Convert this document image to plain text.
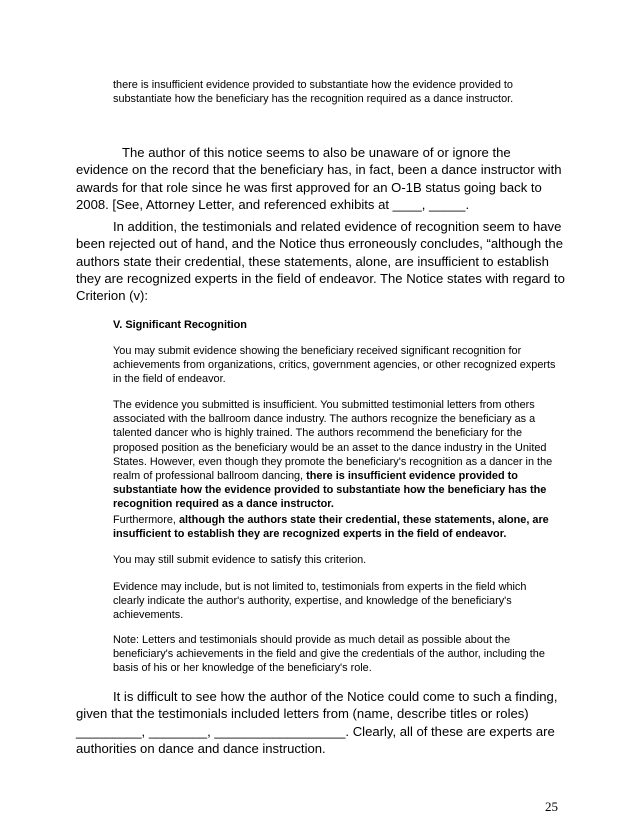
there is insufficient evidence provided to substantiate how the evidence provided to substantiate how the beneficiary has the recognition required as a dance instructor.

The author of this notice seems to also be unaware of or ignore the evidence on the record that the beneficiary has, in fact, been a dance instructor with awards for that role since he was first approved for an O-1B status going back to 2008. [See, Attorney Letter, and referenced exhibits at ____, _____.

In addition, the testimonials and related evidence of recognition seem to have been rejected out of hand, and the Notice thus erroneously concludes, “although the authors state their credential, these statements, alone, are insufficient to establish they are recognized experts in the field of endeavor. The Notice states with regard to Criterion (v):

V. Significant Recognition

You may submit evidence showing the beneficiary received significant recognition for achievements from organizations, critics, government agencies, or other recognized experts in the field of endeavor.

The evidence you submitted is insufficient. You submitted testimonial letters from others associated with the ballroom dance industry. The authors recognize the beneficiary as a talented dancer who is highly trained. The authors recommend the beneficiary for the proposed position as the beneficiary would be an asset to the dance industry in the United States. However, even though they promote the beneficiary's recognition as a dancer in the realm of professional ballroom dancing, there is insufficient evidence provided to substantiate how the evidence provided to substantiate how the beneficiary has the recognition required as a dance instructor.

Furthermore, although the authors state their credential, these statements, alone, are insufficient to establish they are recognized experts in the field of endeavor.

You may still submit evidence to satisfy this criterion.

Evidence may include, but is not limited to, testimonials from experts in the field which clearly indicate the author's authority, expertise, and knowledge of the beneficiary's achievements.

Note: Letters and testimonials should provide as much detail as possible about the beneficiary's achievements in the field and give the credentials of the author, including the basis of his or her knowledge of the beneficiary's role.

It is difficult to see how the author of the Notice could come to such a finding, given that the testimonials included letters from (name, describe titles or roles) _________, ________, __________________. Clearly, all of these are experts are authorities on dance and dance instruction.

25
